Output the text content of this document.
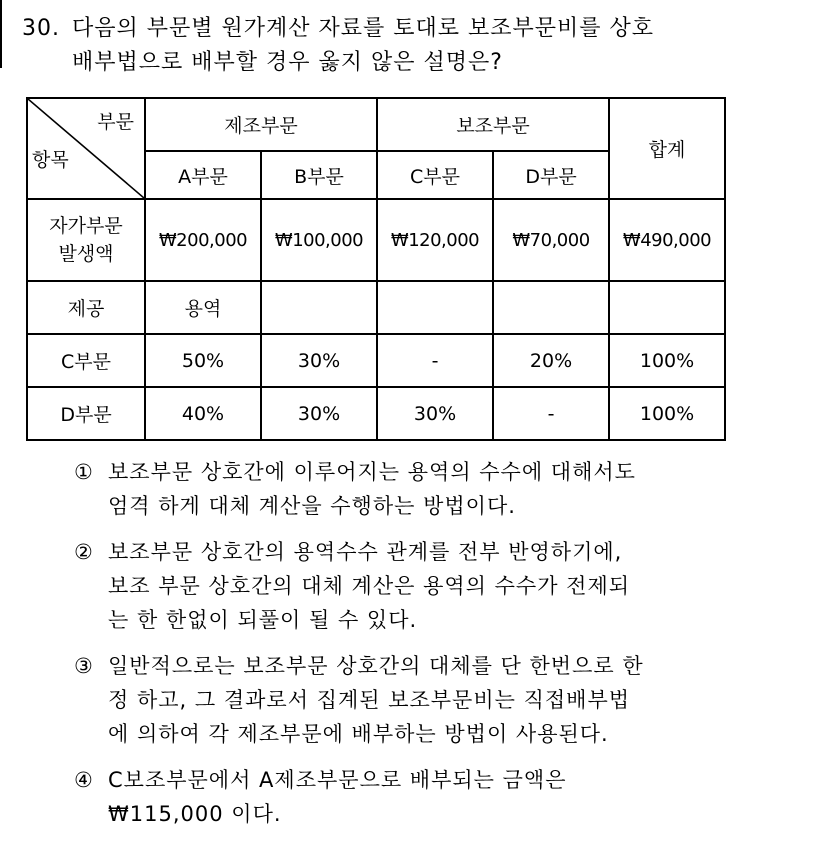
30. 다음의 부문별 원가계산 자료를 토대로 보조부문비를 상호
배부법으로 배부할 경우 옳지 않은 설명은?
부문
항목	제조부문		보조부문		합계
	A부문	B부문	C부문	D부문	

자가부문
발생액	₩200,000	₩100,000	₩120,000	₩70,000	₩490,000
제공	용역				
C부문	50%	30%	-	20%	100%
D부문	40%	30%	30%	-	100%
① 보조부문 상호간에 이루어지는 용역의 수수에 대해서도
엄격 하게 대체 계산을 수행하는 방법이다.
② 보조부문 상호간의 용역수수 관계를 전부 반영하기에,
보조 부문 상호간의 대체 계산은 용역의 수수가 전제되
는 한 한없이 되풀이 될 수 있다.
③ 일반적으로는 보조부문 상호간의 대체를 단 한번으로 한
정 하고, 그 결과로서 집계된 보조부문비는 직접배부법
에 의하여 각 제조부문에 배부하는 방법이 사용된다.
④ C보조부문에서 A제조부문으로 배부되는 금액은
₩115,000 이다.
